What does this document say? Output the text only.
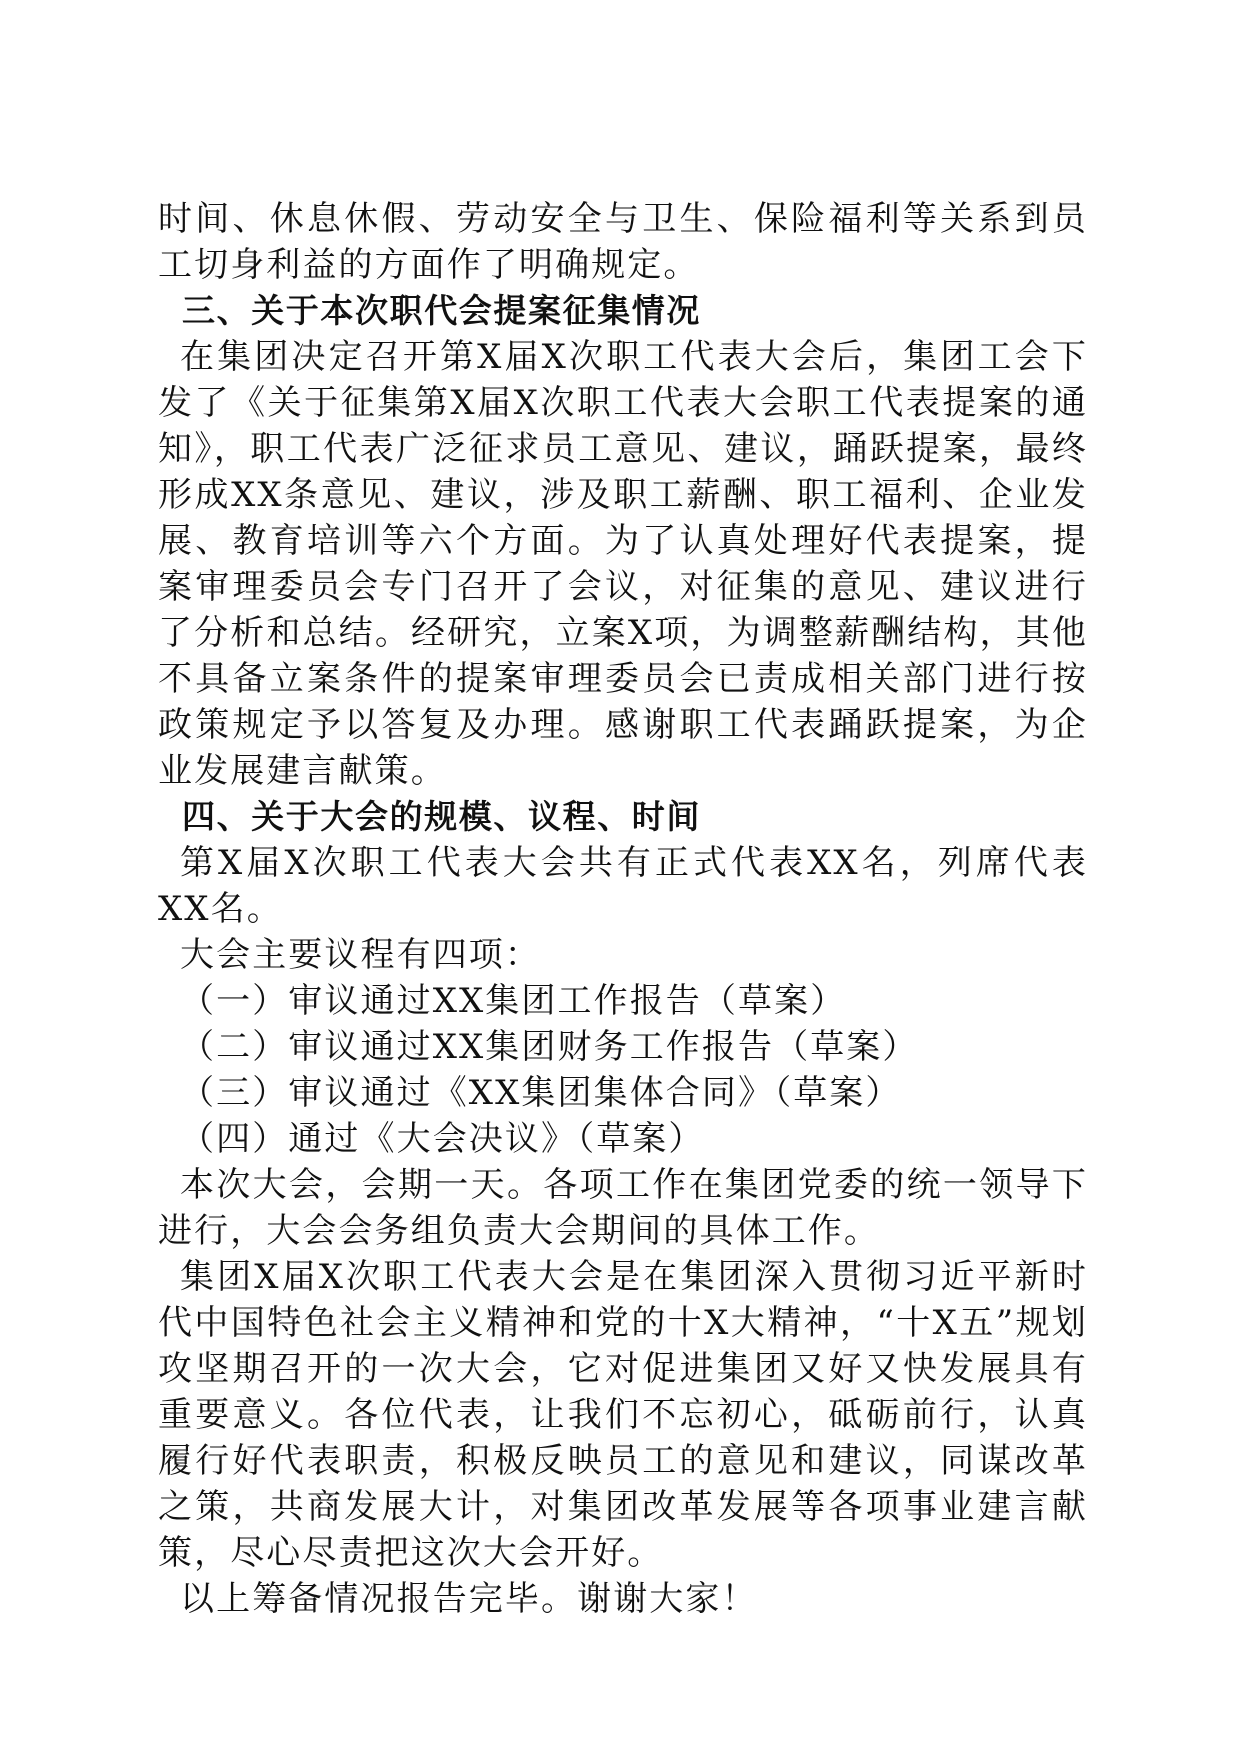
时间、休息休假、劳动安全与卫生、保险福利等关系到员工切身利益的方面作了明确规定。

三、关于本次职代会提案征集情况

在集团决定召开第X届X次职工代表大会后，集团工会下发了《关于征集第X届X次职工代表大会职工代表提案的通知》，职工代表广泛征求员工意见、建议，踊跃提案，最终形成XX条意见、建议，涉及职工薪酬、职工福利、企业发展、教育培训等六个方面。为了认真处理好代表提案，提案审理委员会专门召开了会议，对征集的意见、建议进行了分析和总结。经研究，立案X项，为调整薪酬结构，其他不具备立案条件的提案审理委员会已责成相关部门进行按政策规定予以答复及办理。感谢职工代表踊跃提案，为企业发展建言献策。

四、关于大会的规模、议程、时间

第X届X次职工代表大会共有正式代表XX名，列席代表XX名。

大会主要议程有四项：

（一）审议通过XX集团工作报告（草案）

（二）审议通过XX集团财务工作报告（草案）

（三）审议通过《XX集团集体合同》（草案）

（四）通过《大会决议》（草案）

本次大会，会期一天。各项工作在集团党委的统一领导下进行，大会会务组负责大会期间的具体工作。

集团X届X次职工代表大会是在集团深入贯彻习近平新时代中国特色社会主义精神和党的十X大精神，“十X五”规划攻坚期召开的一次大会，它对促进集团又好又快发展具有重要意义。各位代表，让我们不忘初心，砥砺前行，认真履行好代表职责，积极反映员工的意见和建议，同谋改革之策，共商发展大计，对集团改革发展等各项事业建言献策，尽心尽责把这次大会开好。

以上筹备情况报告完毕。谢谢大家！
